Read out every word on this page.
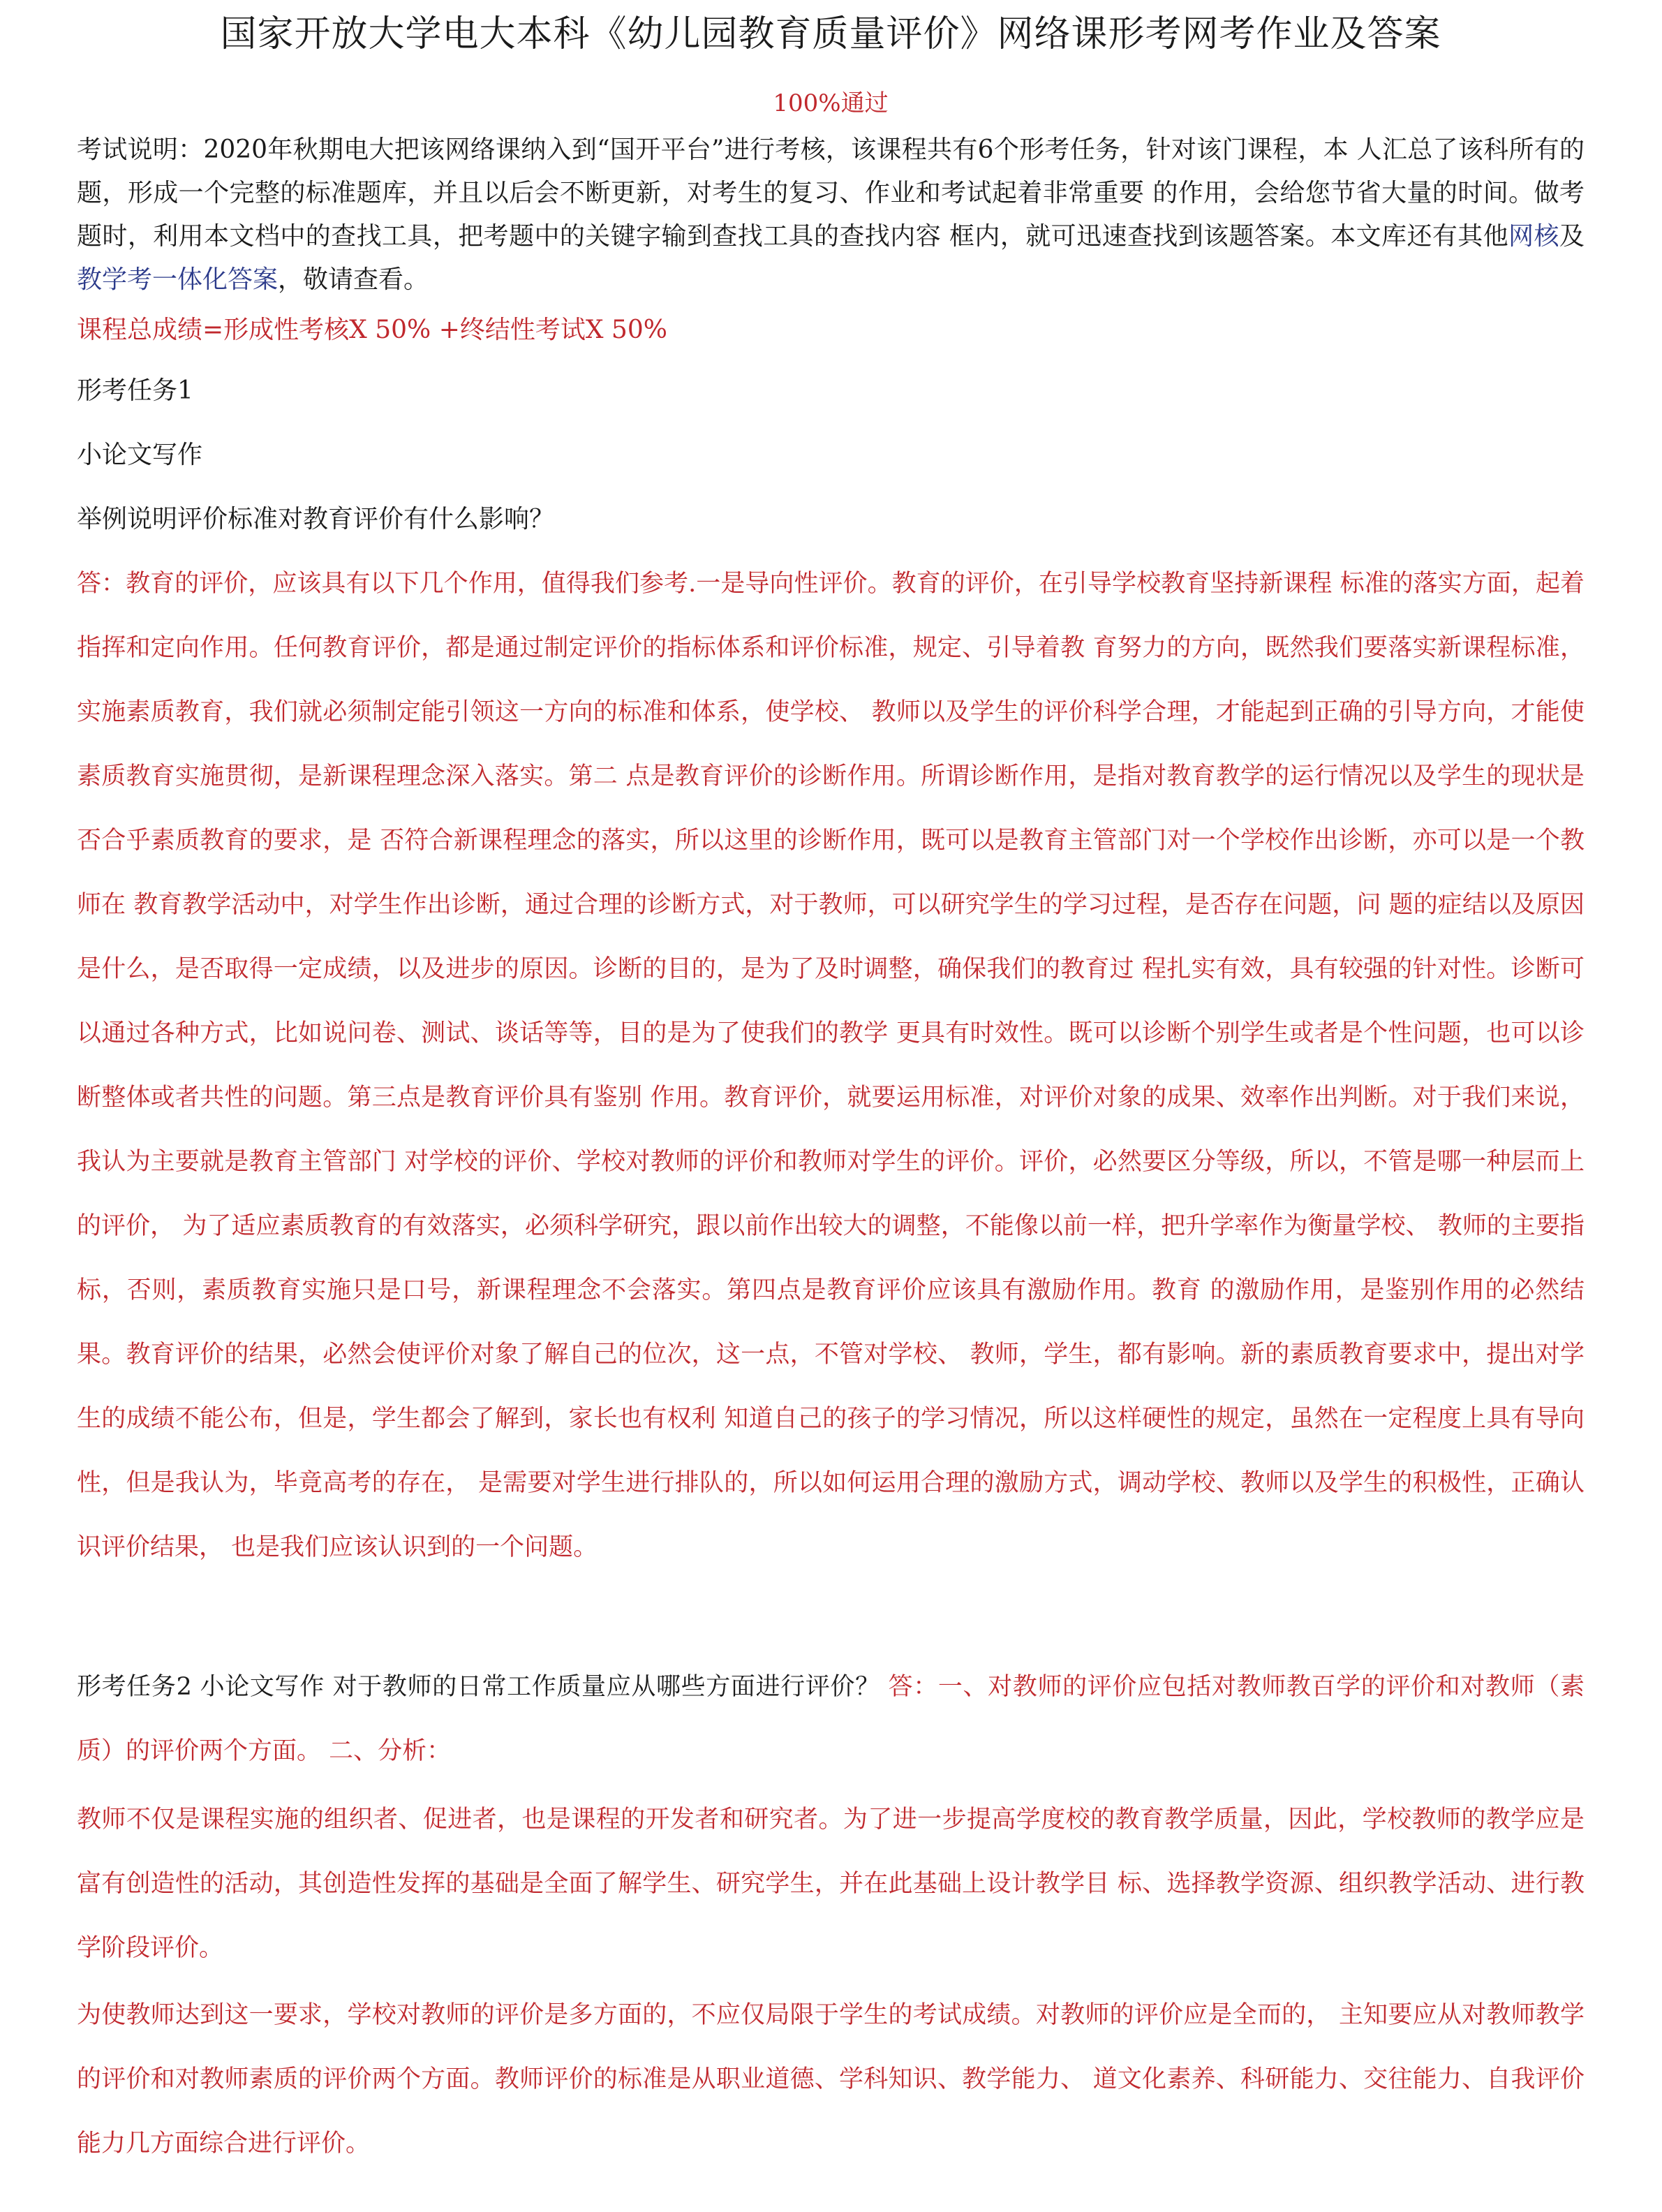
国家开放大学电大本科《幼儿园教育质量评价》网络课形考网考作业及答案
100%通过
考试说明：2020年秋期电大把该网络课纳入到“国开平台”进行考核，该课程共有6个形考任务，针对该门课程，本 人汇总了该科所有的题，形成一个完整的标准题库，并且以后会不断更新，对考生的复习、作业和考试起着非常重要 的作用，会给您节省大量的时间。做考题时，利用本文档中的查找工具，把考题中的关键字输到查找工具的查找内容 框内，就可迅速查找到该题答案。本文库还有其他网核及教学考一体化答案，敬请查看。
课程总成绩=形成性考核X 50% +终结性考试X 50%
形考任务1
小论文写作
举例说明评价标准对教育评价有什么影响？
答：教育的评价，应该具有以下几个作用，值得我们参考.一是导向性评价。教育的评价，在引导学校教育坚持新课程 标准的落实方面，起着指挥和定向作用。任何教育评价，都是通过制定评价的指标体系和评价标准，规定、引导着教 育努力的方向，既然我们要落实新课程标准，实施素质教育，我们就必须制定能引领这一方向的标准和体系，使学校、 教师以及学生的评价科学合理，才能起到正确的引导方向，才能使素质教育实施贯彻，是新课程理念深入落实。第二 点是教育评价的诊断作用。所谓诊断作用，是指对教育教学的运行情况以及学生的现状是否合乎素质教育的要求，是 否符合新课程理念的落实，所以这里的诊断作用，既可以是教育主管部门对一个学校作出诊断，亦可以是一个教师在 教育教学活动中，对学生作出诊断，通过合理的诊断方式，对于教师，可以研究学生的学习过程，是否存在问题，问 题的症结以及原因是什么，是否取得一定成绩，以及进步的原因。诊断的目的，是为了及时调整，确保我们的教育过 程扎实有效，具有较强的针对性。诊断可以通过各种方式，比如说问卷、测试、谈话等等，目的是为了使我们的教学 更具有时效性。既可以诊断个别学生或者是个性问题，也可以诊断整体或者共性的问题。第三点是教育评价具有鉴别 作用。教育评价，就要运用标准，对评价对象的成果、效率作出判断。对于我们来说，我认为主要就是教育主管部门 对学校的评价、学校对教师的评价和教师对学生的评价。评价，必然要区分等级，所以，不管是哪一种层而上的评价， 为了适应素质教育的有效落实，必须科学研究，跟以前作出较大的调整，不能像以前一样，把升学率作为衡量学校、 教师的主要指标，否则，素质教育实施只是口号，新课程理念不会落实。第四点是教育评价应该具有激励作用。教育 的激励作用，是鉴别作用的必然结果。教育评价的结果，必然会使评价对象了解自己的位次，这一点，不管对学校、 教师，学生，都有影响。新的素质教育要求中，提出对学生的成绩不能公布，但是，学生都会了解到，家长也有权利 知道自己的孩子的学习情况，所以这样硬性的规定，虽然在一定程度上具有导向性，但是我认为，毕竟高考的存在， 是需要对学生进行排队的，所以如何运用合理的激励方式，调动学校、教师以及学生的积极性，正确认识评价结果， 也是我们应该认识到的一个问题。
形考任务2 小论文写作 对于教师的日常工作质量应从哪些方面进行评价？ 答：一、对教师的评价应包括对教师教百学的评价和对教师（素质）的评价两个方面。 二、分析：
教师不仅是课程实施的组织者、促进者，也是课程的开发者和研究者。为了进一步提高学度校的教育教学质量，因此，学校教师的教学应是富有创造性的活动，其创造性发挥的基础是全面了解学生、研究学生，并在此基础上设计教学目 标、选择教学资源、组织教学活动、进行教学阶段评价。
为使教师达到这一要求，学校对教师的评价是多方面的，不应仅局限于学生的考试成绩。对教师的评价应是全而的， 主知要应从对教师教学的评价和对教师素质的评价两个方面。教师评价的标准是从职业道德、学科知识、教学能力、 道文化素养、科研能力、交往能力、自我评价能力几方面综合进行评价。
